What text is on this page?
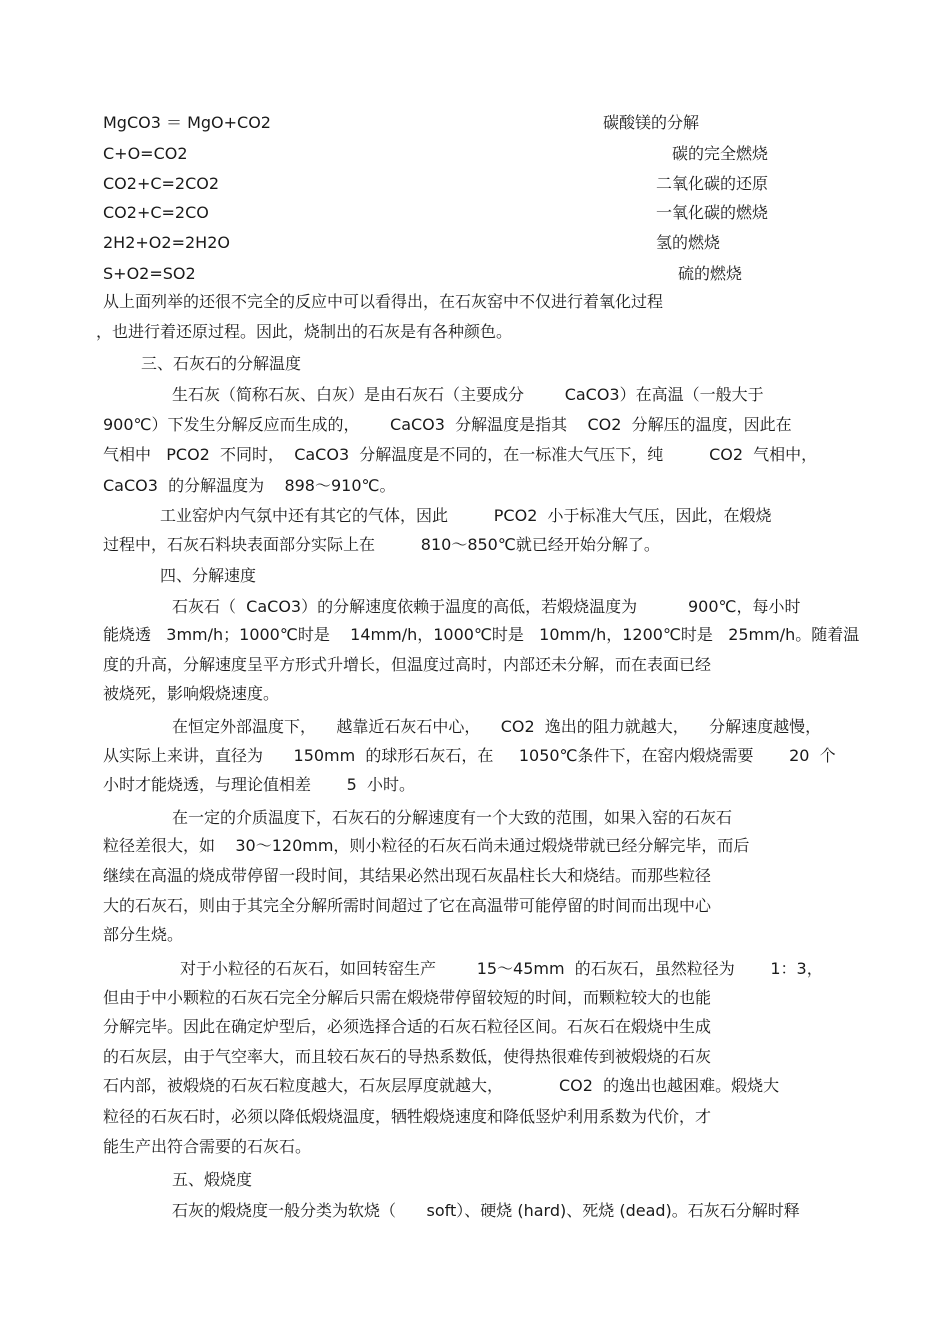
MgCO3 ＝ MgO+CO2	碳酸镁的分解
C+O=CO2	碳的完全燃烧
CO2+C=2CO2	二氧化碳的还原
CO2+C=2CO	一氧化碳的燃烧
2H2+O2=2H2O	氢的燃烧
S+O2=SO2	硫的燃烧
从上面列举的还很不完全的反应中可以看得出，在石灰窑中不仅进行着氧化过程
，也进行着还原过程。因此，烧制出的石灰是有各种颜色。
三、石灰石的分解温度
生石灰（简称石灰、白灰）是由石灰石（主要成分        CaCO3）在高温（一般大于
900℃）下发生分解反应而生成的，      CaCO3  分解温度是指其    CO2  分解压的温度，因此在
气相中   PCO2  不同时，  CaCO3  分解温度是不同的，在一标准大气压下，纯         CO2  气相中，
CaCO3  的分解温度为    898～910℃。
工业窑炉内气氛中还有其它的气体，因此         PCO2  小于标准大气压，因此，在煅烧
过程中，石灰石料块表面部分实际上在         810～850℃就已经开始分解了。
四、分解速度
石灰石（  CaCO3）的分解速度依赖于温度的高低，若煅烧温度为          900℃，每小时
能烧透   3mm/h；1000℃时是    14mm/h，1000℃时是   10mm/h，1200℃时是   25mm/h。随着温
度的升高，分解速度呈平方形式升增长，但温度过高时，内部还未分解，而在表面已经
被烧死，影响煅烧速度。
在恒定外部温度下，    越靠近石灰石中心，    CO2  逸出的阻力就越大，    分解速度越慢，
从实际上来讲，直径为      150mm  的球形石灰石，在     1050℃条件下，在窑内煅烧需要       20  个
小时才能烧透，与理论值相差       5  小时。
在一定的介质温度下，石灰石的分解速度有一个大致的范围，如果入窑的石灰石
粒径差很大，如    30～120mm，则小粒径的石灰石尚未通过煅烧带就已经分解完毕，而后
继续在高温的烧成带停留一段时间，其结果必然出现石灰晶柱长大和烧结。而那些粒径
大的石灰石，则由于其完全分解所需时间超过了它在高温带可能停留的时间而出现中心
部分生烧。
对于小粒径的石灰石，如回转窑生产        15～45mm  的石灰石，虽然粒径为       1：3，
但由于中小颗粒的石灰石完全分解后只需在煅烧带停留较短的时间，而颗粒较大的也能
分解完毕。因此在确定炉型后，必须选择合适的石灰石粒径区间。石灰石在煅烧中生成
的石灰层，由于气空率大，而且较石灰石的导热系数低，使得热很难传到被煅烧的石灰
石内部，被煅烧的石灰石粒度越大，石灰层厚度就越大，           CO2  的逸出也越困难。煅烧大
粒径的石灰石时，必须以降低煅烧温度，牺牲煅烧速度和降低竖炉利用系数为代价，才
能生产出符合需要的石灰石。
五、煅烧度
石灰的煅烧度一般分类为软烧（      soft）、硬烧 (hard)、死烧 (dead)。石灰石分解时释
